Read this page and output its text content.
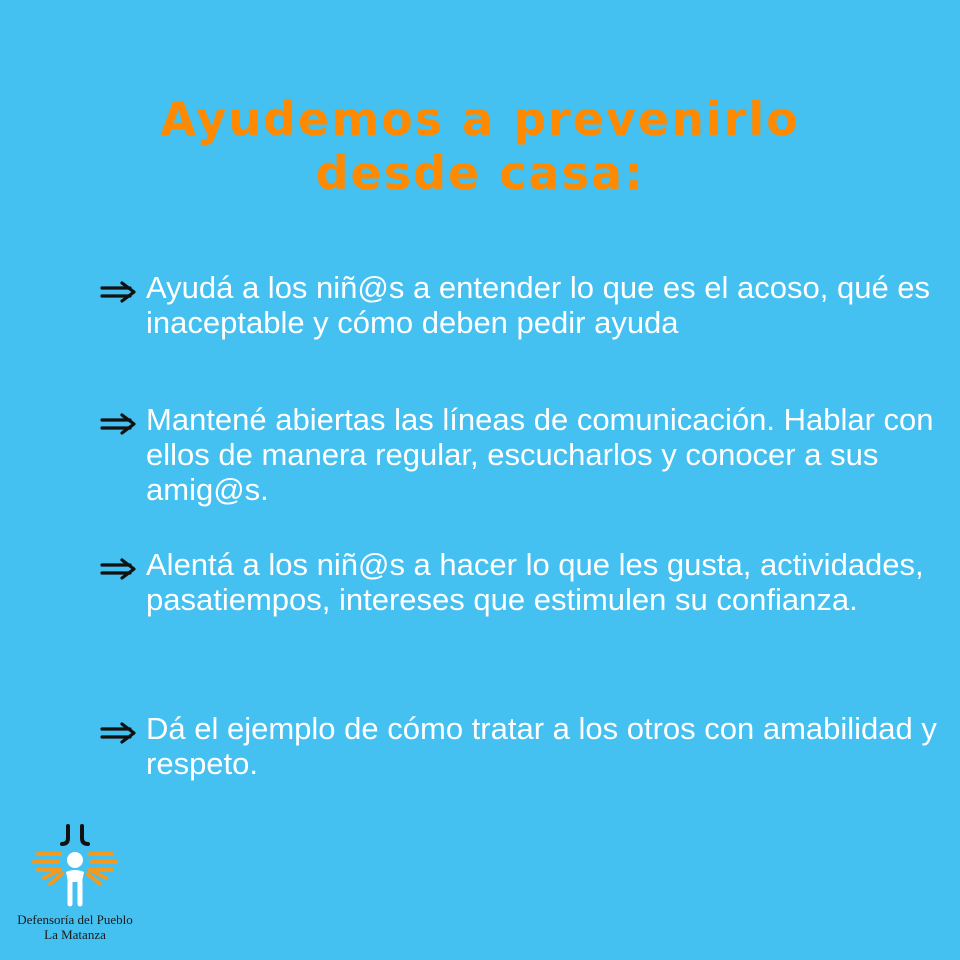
Ayudemos a prevenirlo
desde casa:

Ayudá a los niñ@s a entender lo que es el acoso, qué es inaceptable y cómo deben pedir ayuda

Mantené abiertas las líneas de comunicación. Hablar con ellos de manera regular, escucharlos y conocer a sus amig@s.

Alentá a los niñ@s a hacer lo que les gusta, actividades, pasatiempos, intereses que estimulen su confianza.

Dá el ejemplo de cómo tratar a los otros con amabilidad y respeto.

Defensoría del Pueblo
La Matanza
